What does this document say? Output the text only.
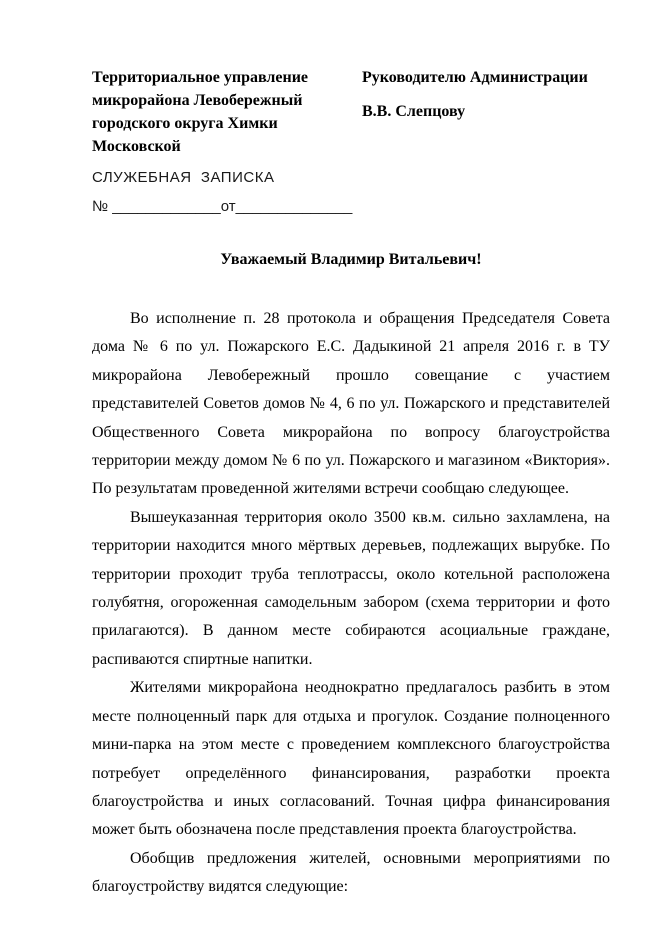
Территориальное управление
микрорайона Левобережный
городского округа Химки
Московской
Руководителю Администрации
В.В. Слепцову
СЛУЖЕБНАЯ  ЗАПИСКА
№ _____________от______________
Уважаемый Владимир Витальевич!

Во исполнение п. 28 протокола и обращения Председателя Совета дома № 6 по ул. Пожарского Е.С. Дадыкиной 21 апреля 2016 г. в ТУ микрорайона Левобережный прошло совещание с участием представителей Советов домов № 4, 6 по ул. Пожарского и представителей Общественного Совета микрорайона по вопросу благоустройства территории между домом № 6 по ул. Пожарского и магазином «Виктория». По результатам проведенной жителями встречи сообщаю следующее.

Вышеуказанная территория около 3500 кв.м. сильно захламлена, на территории находится много мёртвых деревьев, подлежащих вырубке. По территории проходит труба теплотрассы, около котельной расположена голубятня, огороженная самодельным забором (схема территории и фото прилагаются). В данном месте собираются асоциальные граждане, распиваются спиртные напитки.

Жителями микрорайона неоднократно предлагалось разбить в этом месте полноценный парк для отдыха и прогулок. Создание полноценного мини-парка на этом месте с проведением комплексного благоустройства потребует определённого финансирования, разработки проекта благоустройства и иных согласований. Точная цифра финансирования может быть обозначена после представления проекта благоустройства.

Обобщив предложения жителей, основными мероприятиями по благоустройству видятся следующие:
